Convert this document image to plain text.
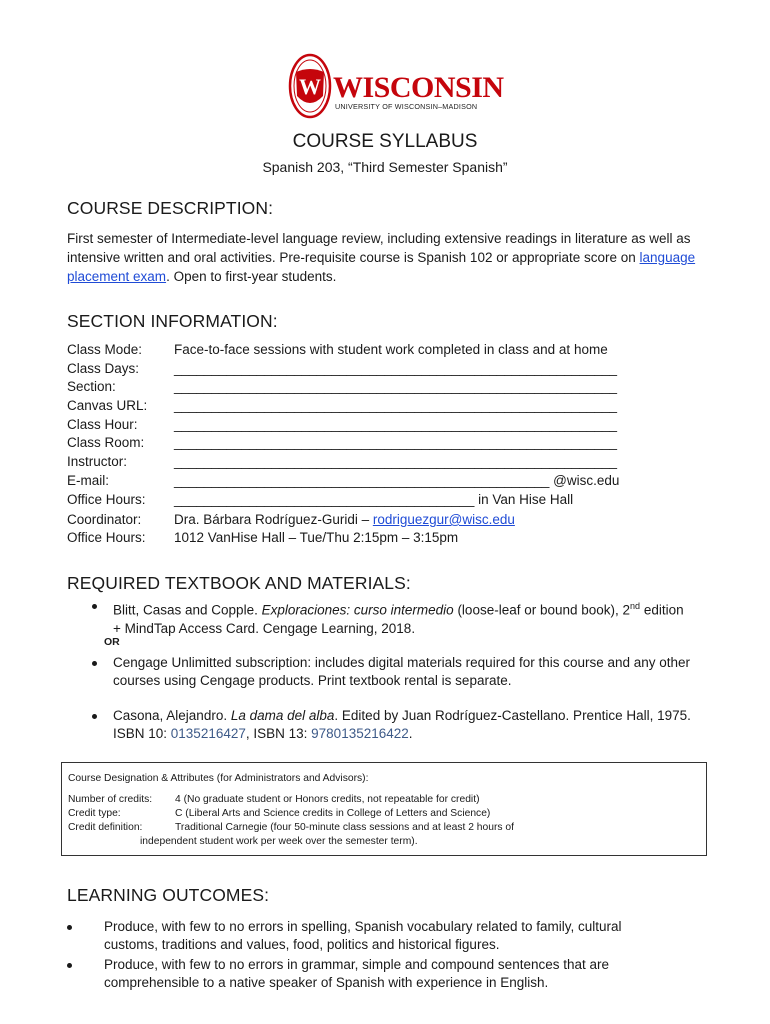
W WISCONSIN
UNIVERSITY OF WISCONSIN–MADISON
COURSE SYLLABUS
Spanish 203, “Third Semester Spanish”
COURSE DESCRIPTION:
First semester of Intermediate-level language review, including extensive readings in literature as well as intensive written and oral activities. Pre-requisite course is Spanish 102 or appropriate score on language placement exam. Open to first-year students.
SECTION INFORMATION:
Class Mode: Face-to-face sessions with student work completed in class and at home
Class Days:	___________________________________________________________
Section:	___________________________________________________________
Canvas URL: ___________________________________________________________
Class Hour:	___________________________________________________________
Class Room: ___________________________________________________________
Instructor:	___________________________________________________________
E-mail:	__________________________________________________ @wisc.edu
Office Hours: ________________________________________ in Van Hise Hall
Coordinator: Dra. Bárbara Rodríguez-Guridi – rodriguezgur@wisc.edu
Office Hours: 1012 VanHise Hall – Tue/Thu 2:15pm – 3:15pm
REQUIRED TEXTBOOK AND MATERIALS:
Blitt, Casas and Copple. Exploraciones: curso intermedio (loose-leaf or bound book), 2nd edition
+ MindTap Access Card. Cengage Learning, 2018.
OR
Cengage Unlimitted subscription: includes digital materials required for this course and any other
courses using Cengage products. Print textbook rental is separate.
Casona, Alejandro. La dama del alba. Edited by Juan Rodríguez-Castellano. Prentice Hall, 1975.
ISBN 10: 0135216427, ISBN 13: 9780135216422.
Course Designation & Attributes (for Administrators and Advisors):
Number of credits: 4 (No graduate student or Honors credits, not repeatable for credit)
Credit type:	C (Liberal Arts and Science credits in College of Letters and Science)
Credit definition:	Traditional Carnegie (four 50-minute class sessions and at least 2 hours of
independent student work per week over the semester term).
LEARNING OUTCOMES:
Produce, with few to no errors in spelling, Spanish vocabulary related to family, cultural
customs, traditions and values, food, politics and historical figures.
Produce, with few to no errors in grammar, simple and compound sentences that are
comprehensible to a native speaker of Spanish with experience in English.
